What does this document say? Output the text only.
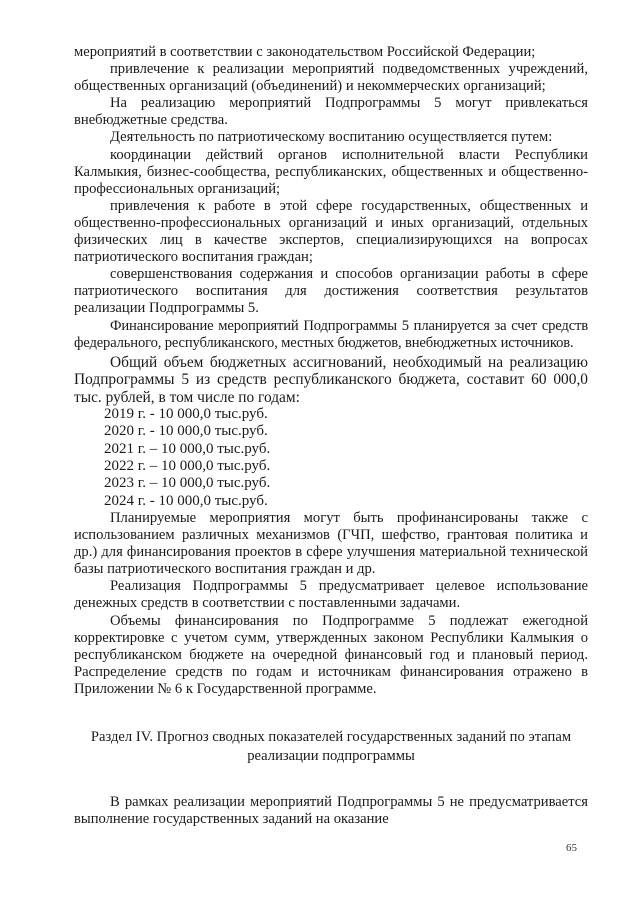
мероприятий в соответствии с законодательством Российской Федерации;

привлечение к реализации мероприятий подведомственных учреждений, общественных организаций (объединений) и некоммерческих организаций;

На реализацию мероприятий Подпрограммы 5 могут привлекаться внебюджетные средства.

Деятельность по патриотическому воспитанию осуществляется путем:

координации действий органов исполнительной власти Республики Калмыкия, бизнес-сообщества, республиканских, общественных и общественно-профессиональных организаций;

привлечения к работе в этой сфере государственных, общественных и общественно-профессиональных организаций и иных организаций, отдельных физических лиц в качестве экспертов, специализирующихся на вопросах патриотического воспитания граждан;

совершенствования содержания и способов организации работы в сфере патриотического воспитания для достижения соответствия результатов реализации Подпрограммы 5.

Финансирование мероприятий Подпрограммы 5 планируется за счет средств федерального, республиканского, местных бюджетов, внебюджетных источников.

Общий объем бюджетных ассигнований, необходимый на реализацию Подпрограммы 5 из средств республиканского бюджета, составит 60 000,0 тыс. рублей, в том числе по годам:

2019 г. - 10 000,0 тыс.руб.

2020 г. - 10 000,0 тыс.руб.

2021 г. – 10 000,0 тыс.руб.

2022 г. – 10 000,0 тыс.руб.

2023 г. – 10 000,0 тыс.руб.

2024 г. - 10 000,0 тыс.руб.

Планируемые мероприятия могут быть профинансированы также с использованием различных механизмов (ГЧП, шефство, грантовая политика и др.) для финансирования проектов в сфере улучшения материальной технической базы патриотического воспитания граждан и др.

Реализация Подпрограммы 5 предусматривает целевое использование денежных средств в соответствии с поставленными задачами.

Объемы финансирования по Подпрограмме 5 подлежат ежегодной корректировке с учетом сумм, утвержденных законом Республики Калмыкия о республиканском бюджете на очередной финансовый год и плановый период. Распределение средств по годам и источникам финансирования отражено в Приложении № 6 к Государственной программе.

Раздел IV. Прогноз сводных показателей государственных заданий по этапам реализации подпрограммы

В рамках реализации мероприятий Подпрограммы 5 не предусматривается выполнение государственных заданий на оказание

65
